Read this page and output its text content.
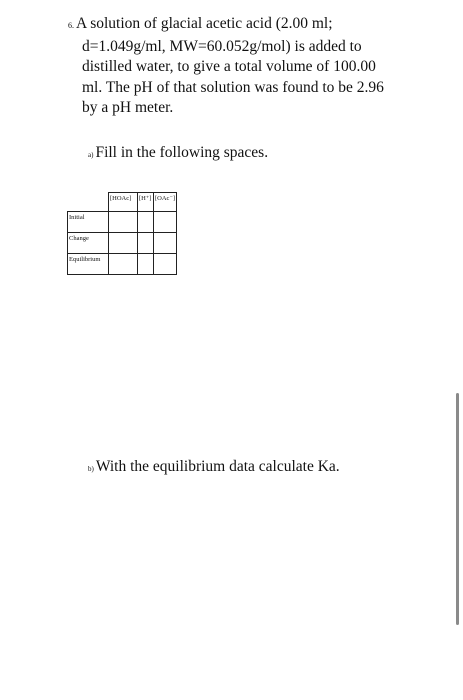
6. A solution of glacial acetic acid (2.00 ml;
d=1.049g/ml, MW=60.052g/mol) is added to
distilled water, to give a total volume of 100.00
ml. The pH of that solution was found to be 2.96
by a pH meter.
a) Fill in the following spaces.
	[HOAc]	[H⁺]	[OAc⁻]
Initial			
Change			
Equilibrium			
b) With the equilibrium data calculate Ka.
